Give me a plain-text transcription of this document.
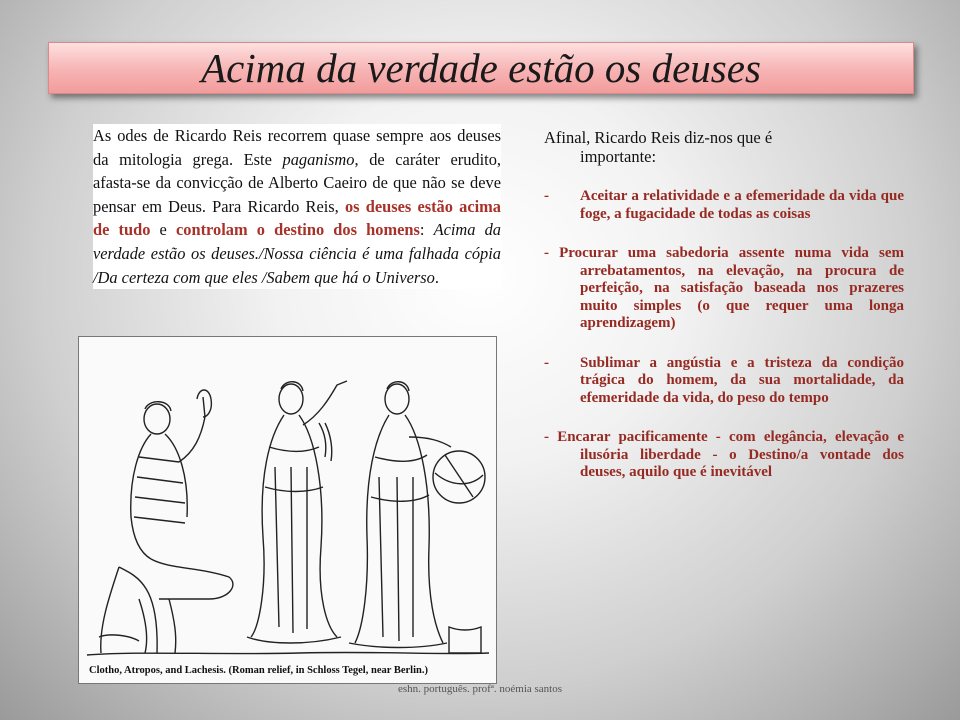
Acima da verdade estão os deuses
As odes de Ricardo Reis recorrem quase sempre aos deuses da mitologia grega. Este paganismo, de caráter erudito, afasta-se da convicção de Alberto Caeiro de que não se deve pensar em Deus. Para Ricardo Reis, os deuses estão acima de tudo e controlam o destino dos homens: Acima da verdade estão os deuses./Nossa ciência é uma falhada cópia /Da certeza com que eles /Sabem que há o Universo.
Clotho, Atropos, and Lachesis. (Roman relief, in Schloss Tegel, near Berlin.)

Afinal, Ricardo Reis diz-nos que é
importante:

-	Aceitar a relatividade e a efemeridade da vida que foge, a fugacidade de todas as coisas
- Procurar uma sabedoria assente numa vida sem arrebatamentos, na elevação, na procura de perfeição, na satisfação baseada nos prazeres muito simples (o que requer uma longa aprendizagem)
-	Sublimar a angústia e a tristeza da condição trágica do homem, da sua mortalidade, da efemeridade da vida, do peso do tempo
- Encarar pacificamente - com elegância, elevação e ilusória liberdade - o Destino/a vontade dos deuses, aquilo que é inevitável
eshn. português. profª. noémia santos
